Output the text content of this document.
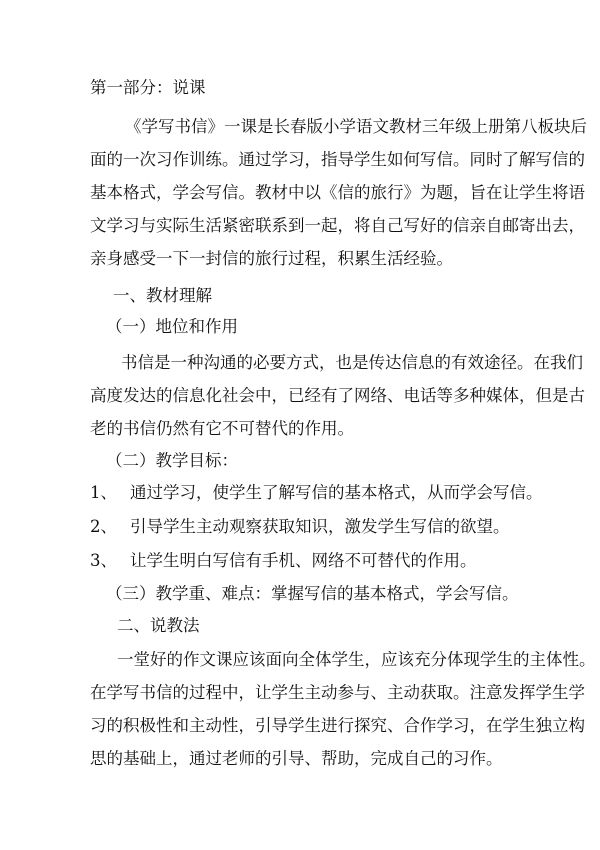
第一部分：说课

《学写书信》一课是长春版小学语文教材三年级上册第八板块后

面的一次习作训练。通过学习，指导学生如何写信。同时了解写信的

基本格式，学会写信。教材中以《信的旅行》为题，旨在让学生将语

文学习与实际生活紧密联系到一起，将自己写好的信亲自邮寄出去，

亲身感受一下一封信的旅行过程，积累生活经验。

一、教材理解

（一）地位和作用

书信是一种沟通的必要方式，也是传达信息的有效途径。在我们

高度发达的信息化社会中，已经有了网络、电话等多种媒体，但是古

老的书信仍然有它不可替代的作用。

（二）教学目标：

1、 通过学习，使学生了解写信的基本格式，从而学会写信。

2、 引导学生主动观察获取知识，激发学生写信的欲望。

3、 让学生明白写信有手机、网络不可替代的作用。

（三）教学重、难点：掌握写信的基本格式，学会写信。

二、说教法

一堂好的作文课应该面向全体学生，应该充分体现学生的主体性。

在学写书信的过程中，让学生主动参与、主动获取。注意发挥学生学

习的积极性和主动性，引导学生进行探究、合作学习，在学生独立构

思的基础上，通过老师的引导、帮助，完成自己的习作。
